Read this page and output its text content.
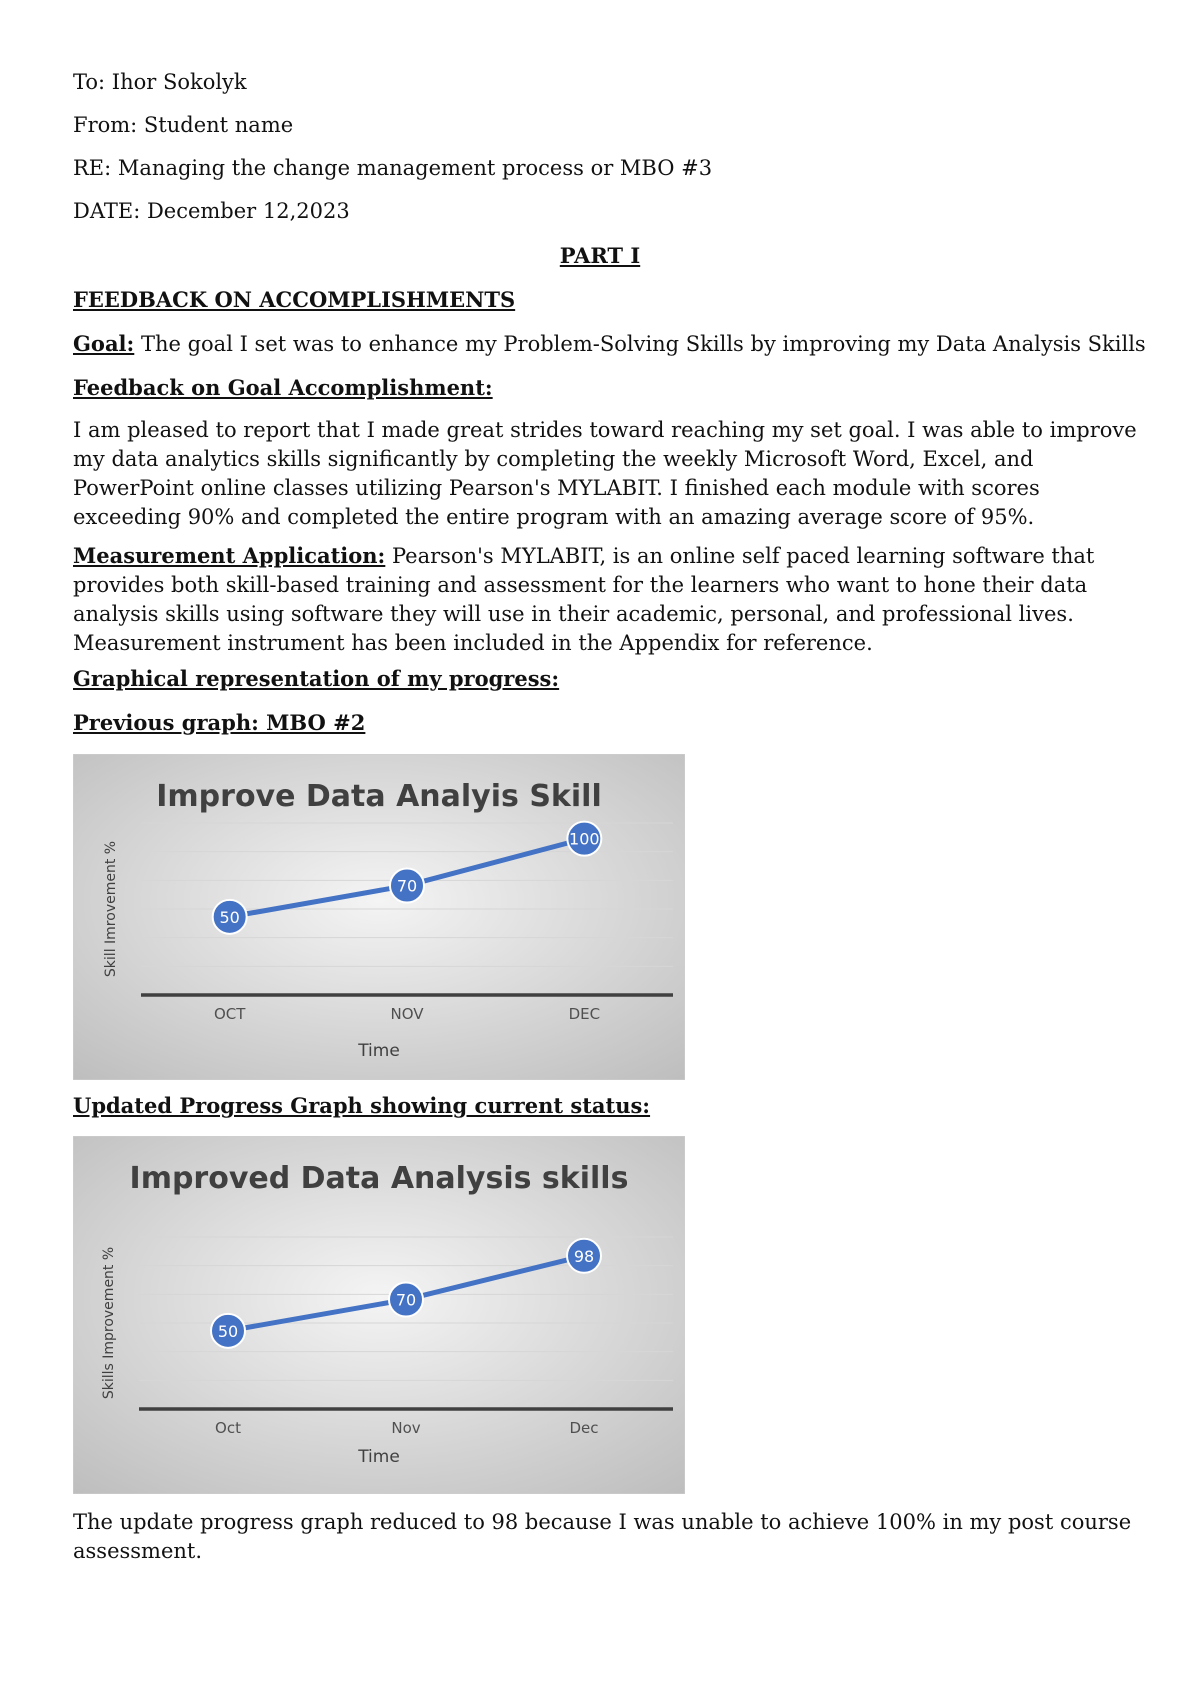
To: Ihor Sokolyk
From: Student name
RE: Managing the change management process or MBO #3
DATE: December 12,2023
PART I
FEEDBACK ON ACCOMPLISHMENTS
Goal: The goal I set was to enhance my Problem-Solving Skills by improving my Data Analysis Skills
Feedback on Goal Accomplishment:
I am pleased to report that I made great strides toward reaching my set goal. I was able to improve my data analytics skills significantly by completing the weekly Microsoft Word, Excel, and PowerPoint online classes utilizing Pearson's MYLABIT. I finished each module with scores exceeding 90% and completed the entire program with an amazing average score of 95%.
Measurement Application: Pearson's MYLABIT, is an online self paced learning software that provides both skill-based training and assessment for the learners who want to hone their data analysis skills using software they will use in their academic, personal, and professional lives. Measurement instrument has been included in the Appendix for reference.
Graphical representation of my progress:
Previous graph: MBO #2
Improve Data Analyis Skill
OCT	NOV	DEC
Time
Skill Imrovement %	50
70
100
Updated Progress Graph showing current status:
Improved Data Analysis skills
Oct	Nov	Dec
Time
Skills Improvement %	50
70
98
The update progress graph reduced to 98 because I was unable to achieve 100% in my post course assessment.
